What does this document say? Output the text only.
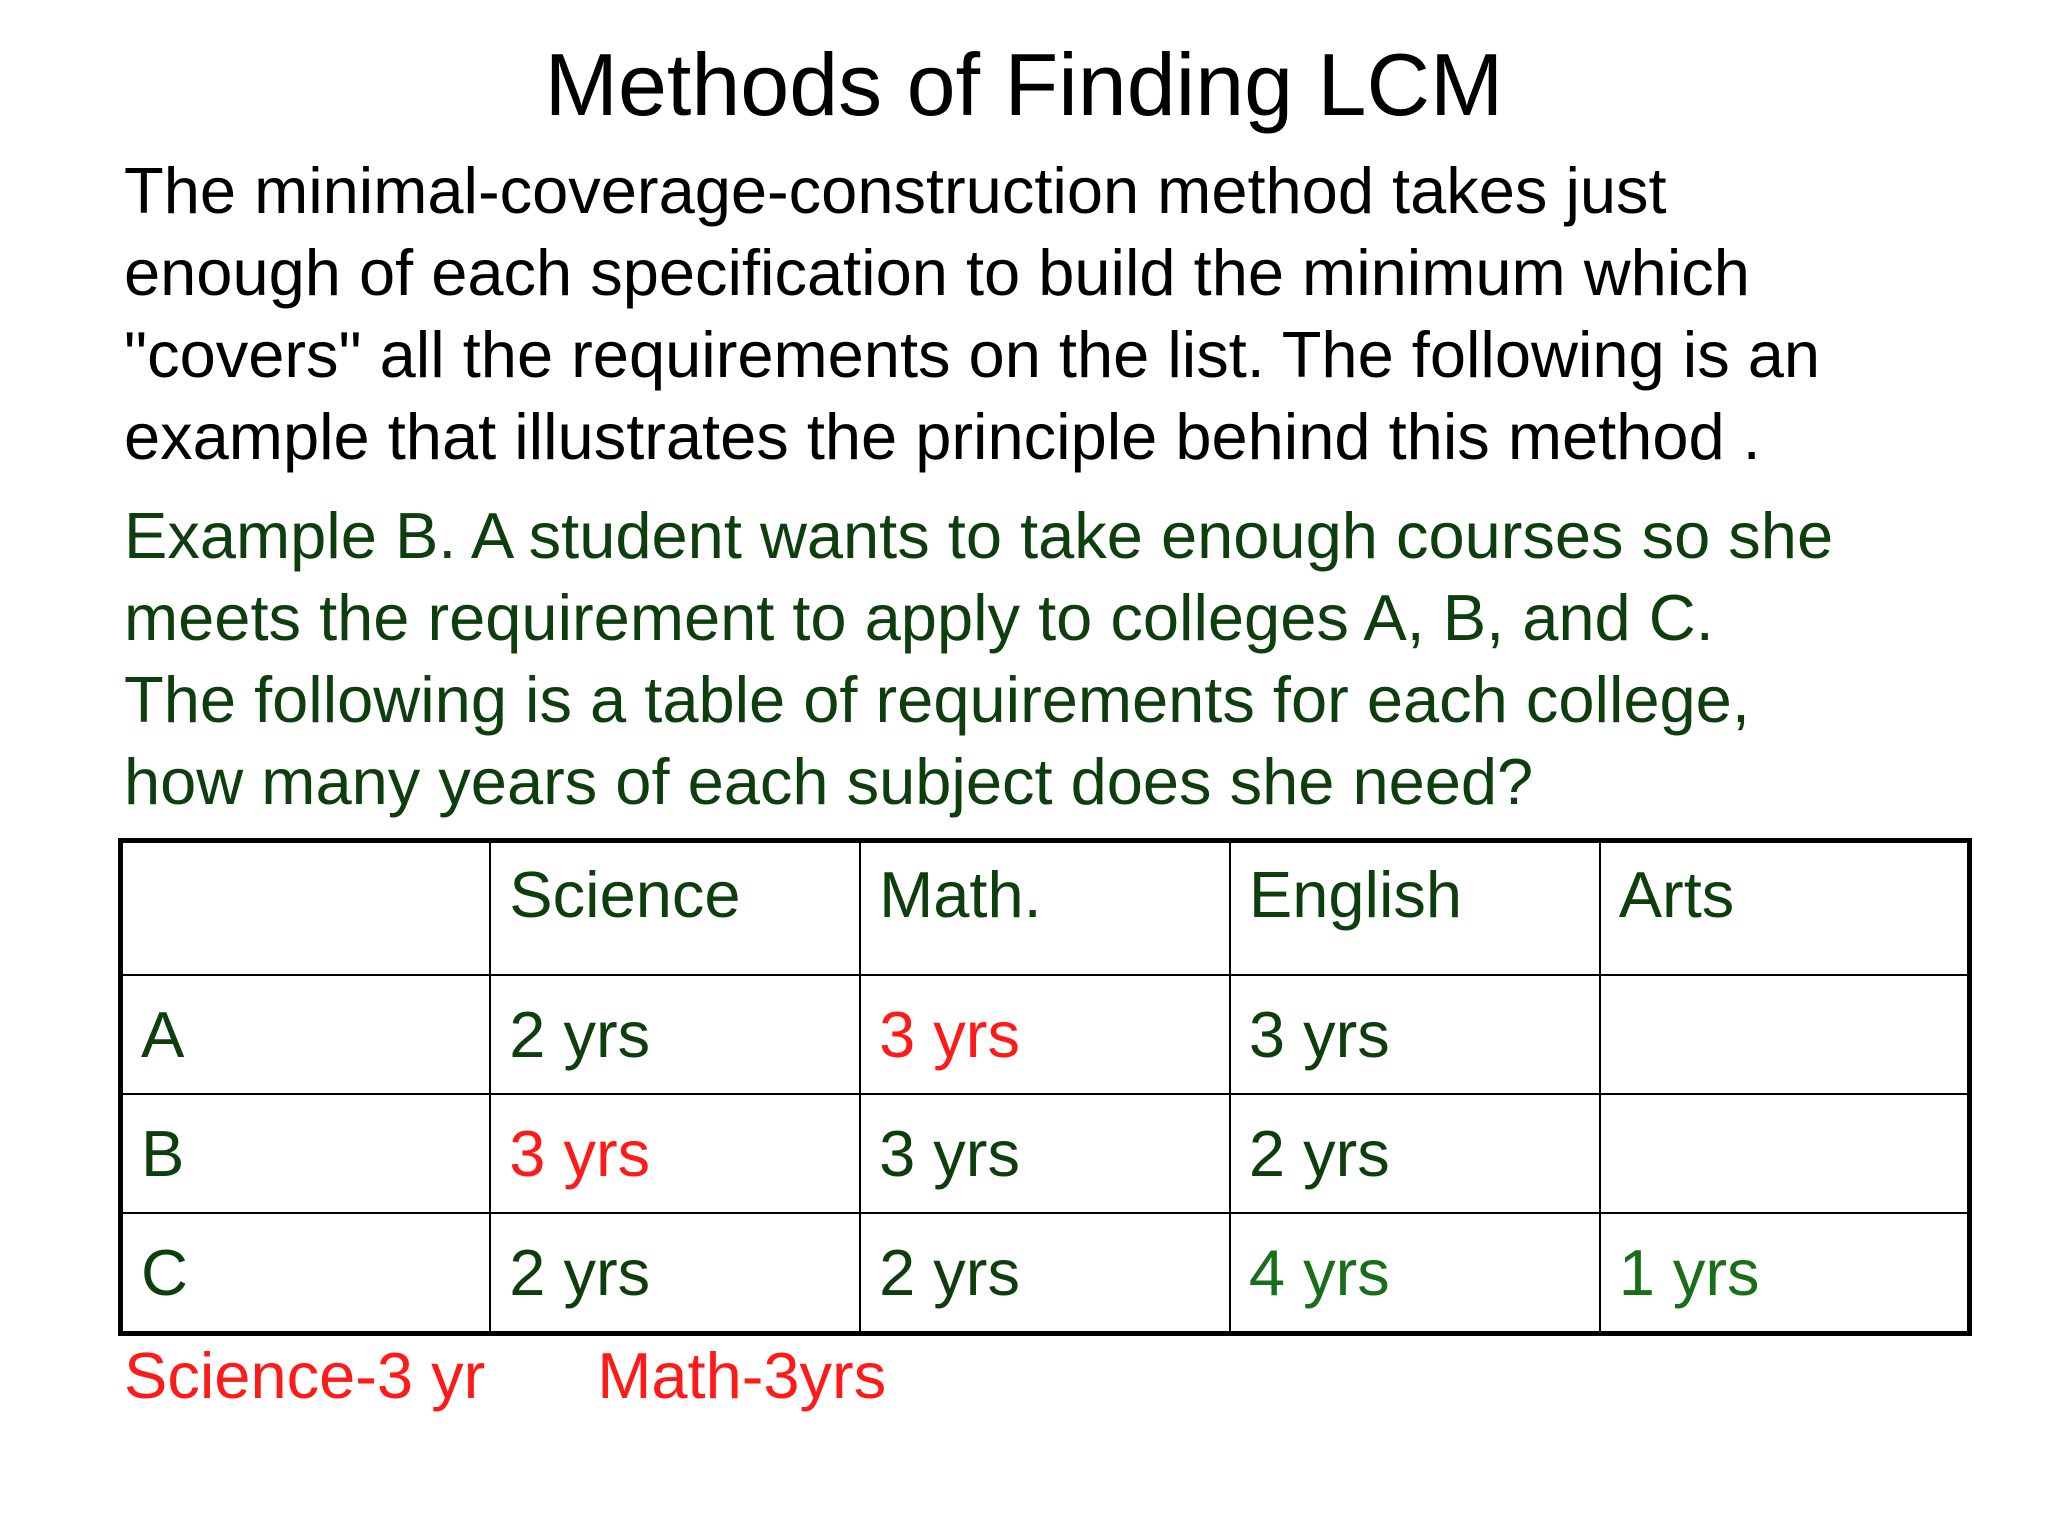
Methods of Finding LCM
The minimal-coverage-construction method takes just
enough of each specification to build the minimum which
"covers" all the requirements on the list. The following is an
example that illustrates the principle behind this method .
Example B. A student wants to take enough courses so she
meets the requirement to apply to colleges A, B, and C.
The following is a table of requirements for each college,
how many years of each subject does she need?
	Science	Math.	English	Arts
A	2 yrs	3 yrs	3 yrs	
B	3 yrs	3 yrs	2 yrs	
C	2 yrs	2 yrs	4 yrs	1 yrs
Science-3 yr Math-3yrs
